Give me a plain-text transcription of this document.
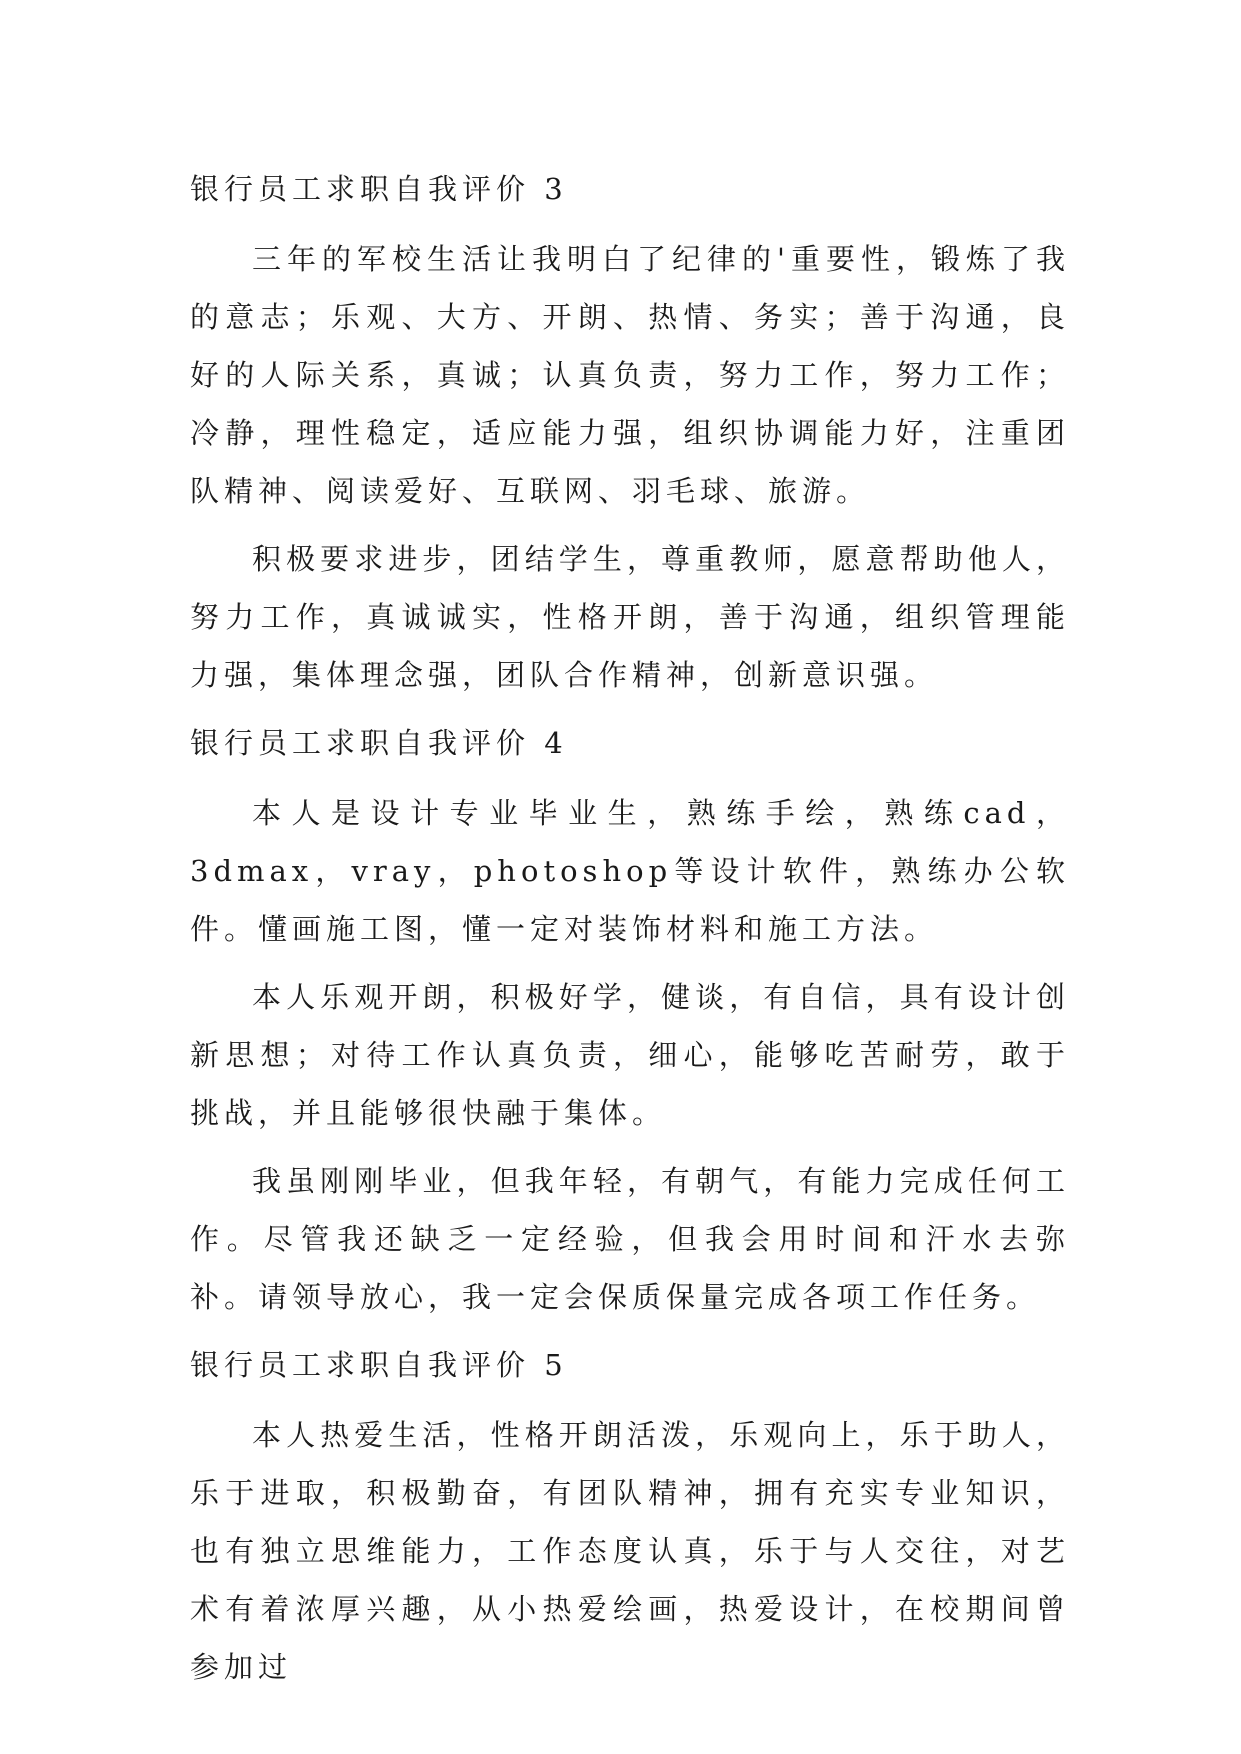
银行员工求职自我评价 3

三年的军校生活让我明白了纪律的'重要性，锻炼了我的意志；乐观、大方、开朗、热情、务实；善于沟通，良好的人际关系，真诚；认真负责，努力工作，努力工作；冷静，理性稳定，适应能力强，组织协调能力好，注重团队精神、阅读爱好、互联网、羽毛球、旅游。

积极要求进步，团结学生，尊重教师，愿意帮助他人，努力工作，真诚诚实，性格开朗，善于沟通，组织管理能力强，集体理念强，团队合作精神，创新意识强。

银行员工求职自我评价 4

本人是设计专业毕业生，熟练手绘，熟练cad，3dmax，vray，photoshop等设计软件，熟练办公软件。懂画施工图，懂一定对装饰材料和施工方法。

本人乐观开朗，积极好学，健谈，有自信，具有设计创新思想；对待工作认真负责，细心，能够吃苦耐劳，敢于挑战，并且能够很快融于集体。

我虽刚刚毕业，但我年轻，有朝气，有能力完成任何工作。尽管我还缺乏一定经验，但我会用时间和汗水去弥补。请领导放心，我一定会保质保量完成各项工作任务。

银行员工求职自我评价 5

本人热爱生活，性格开朗活泼，乐观向上，乐于助人，乐于进取，积极勤奋，有团队精神，拥有充实专业知识，也有独立思维能力，工作态度认真，乐于与人交往，对艺术有着浓厚兴趣，从小热爱绘画，热爱设计，在校期间曾参加过
